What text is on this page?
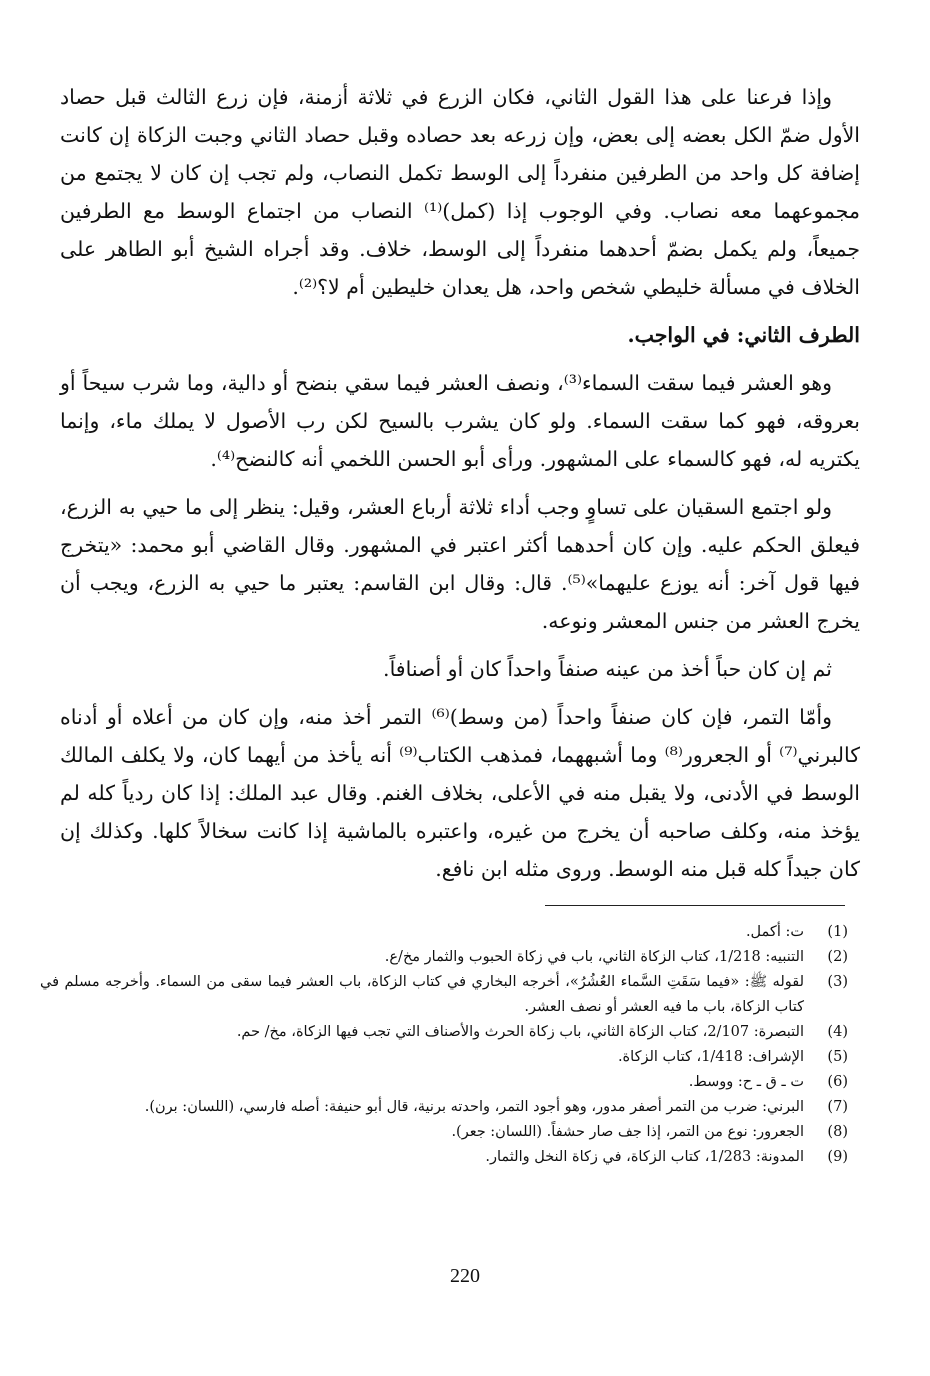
وإذا فرعنا على هذا القول الثاني، فكان الزرع في ثلاثة أزمنة، فإن زرع الثالث قبل حصاد الأول ضمّ الكل بعضه إلى بعض، وإن زرعه بعد حصاده وقبل حصاد الثاني وجبت الزكاة إن كانت إضافة كل واحد من الطرفين منفرداً إلى الوسط تكمل النصاب، ولم تجب إن كان لا يجتمع من مجموعهما معه نصاب. وفي الوجوب إذا (كمل)⁽¹⁾ النصاب من اجتماع الوسط مع الطرفين جميعاً، ولم يكمل بضمّ أحدهما منفرداً إلى الوسط، خلاف. وقد أجراه الشيخ أبو الطاهر على الخلاف في مسألة خليطي شخص واحد، هل يعدان خليطين أم لا؟⁽²⁾.

الطرف الثاني: في الواجب.

وهو العشر فيما سقت السماء⁽³⁾، ونصف العشر فيما سقي بنضح أو دالية، وما شرب سيحاً أو بعروقه، فهو كما سقت السماء. ولو كان يشرب بالسيح لكن رب الأصول لا يملك ماء، وإنما يكتريه له، فهو كالسماء على المشهور. ورأى أبو الحسن اللخمي أنه كالنضح⁽⁴⁾.

ولو اجتمع السقيان على تساوٍ وجب أداء ثلاثة أرباع العشر، وقيل: ينظر إلى ما حيي به الزرع، فيعلق الحكم عليه. وإن كان أحدهما أكثر اعتبر في المشهور. وقال القاضي أبو محمد: «يتخرج فيها قول آخر: أنه يوزع عليهما»⁽⁵⁾. قال: وقال ابن القاسم: يعتبر ما حيي به الزرع، ويجب أن يخرج العشر من جنس المعشر ونوعه.

ثم إن كان حباً أخذ من عينه صنفاً واحداً كان أو أصنافاً.

وأمّا التمر، فإن كان صنفاً واحداً (من وسط)⁽⁶⁾ التمر أخذ منه، وإن كان من أعلاه أو أدناه كالبرني⁽⁷⁾ أو الجعرور⁽⁸⁾ وما أشبههما، فمذهب الكتاب⁽⁹⁾ أنه يأخذ من أيهما كان، ولا يكلف المالك الوسط في الأدنى، ولا يقبل منه في الأعلى، بخلاف الغنم. وقال عبد الملك: إذا كان ردياً كله لم يؤخذ منه، وكلف صاحبه أن يخرج من غيره، واعتبره بالماشية إذا كانت سخالاً كلها. وكذلك إن كان جيداً كله قبل منه الوسط. وروى مثله ابن نافع.

(1)
ت: أكمل.
(2)
التنبيه: 1/218، كتاب الزكاة الثاني، باب في زكاة الحبوب والثمار مخ/ع.
(3)
لقوله ﷺ: «فيما سَقَتِ السَّماء العُشُرُ»، أخرجه البخاري في كتاب الزكاة، باب العشر فيما سقى من السماء. وأخرجه مسلم في كتاب الزكاة، باب ما فيه العشر أو نصف العشر.
(4)
التبصرة: 2/107، كتاب الزكاة الثاني، باب زكاة الحرث والأصناف التي تجب فيها الزكاة، مخ/ حم.
(5)
الإشراف: 1/418، كتاب الزكاة.
(6)
ت ـ ق ـ ح: ووسط.
(7)
البرني: ضرب من التمر أصفر مدور، وهو أجود التمر، واحدته برنية، قال أبو حنيفة: أصله فارسي، (اللسان: برن).
(8)
الجعرور: نوع من التمر، إذا جف صار حشفاً. (اللسان: جعر).
(9)
المدونة: 1/283، كتاب الزكاة، في زكاة النخل والثمار.
220
